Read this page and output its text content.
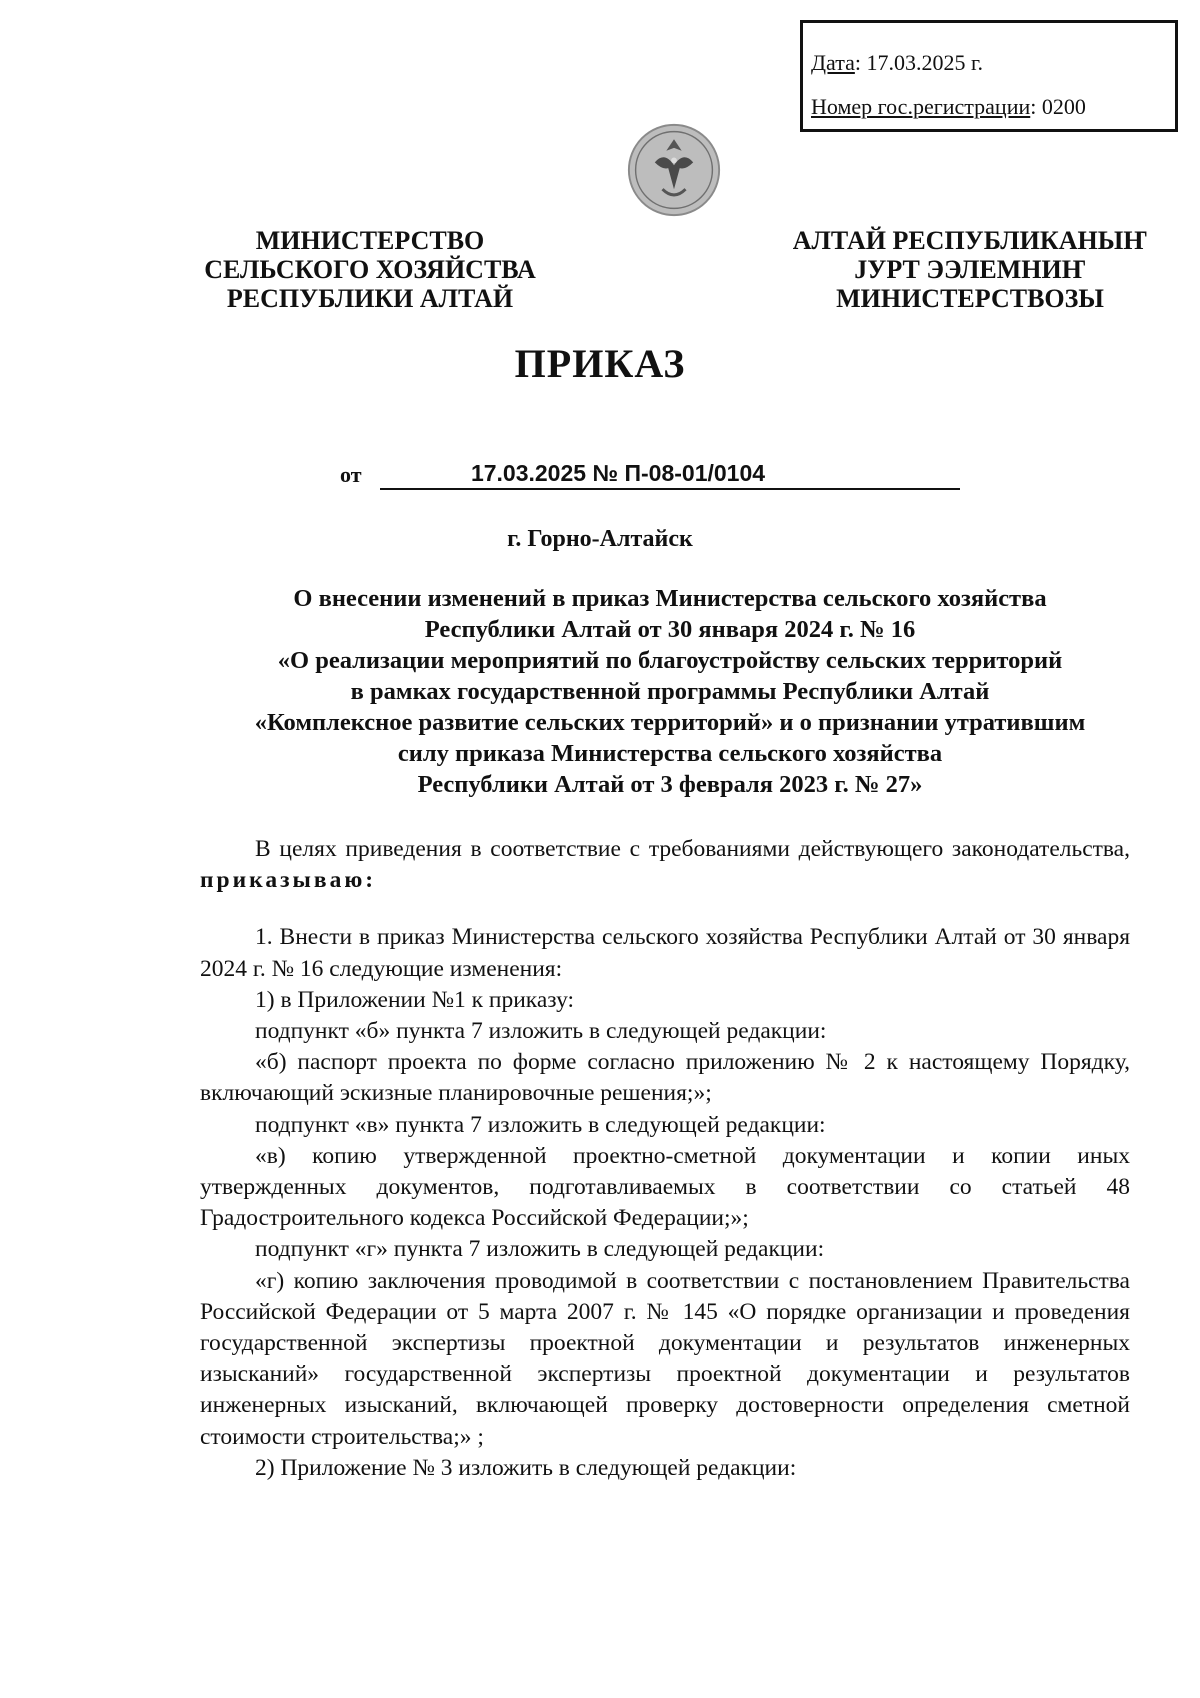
Дата: 17.03.2025 г.
Номер гос.регистрации: 0200
МИНИСТЕРСТВО
СЕЛЬСКОГО ХОЗЯЙСТВА
РЕСПУБЛИКИ АЛТАЙ
АЛТАЙ РЕСПУБЛИКАНЫҤ
ЈУРТ ЭЭЛЕМНИҤ
МИНИСТЕРСТВОЗЫ
ПРИКАЗ
от	17.03.2025 № П-08-01/0104
г. Горно-Алтайск
О внесении изменений в приказ Министерства сельского хозяйства
Республики Алтай от 30 января 2024 г. № 16
«О реализации мероприятий по благоустройству сельских территорий
в рамках государственной программы Республики Алтай
«Комплексное развитие сельских территорий» и о признании утратившим
силу приказа Министерства сельского хозяйства
Республики Алтай от 3 февраля 2023 г. № 27»

В целях приведения в соответствие с требованиями действующего законодательства, приказываю:

1. Внести в приказ Министерства сельского хозяйства Республики Алтай от 30 января 2024 г. № 16 следующие изменения:

1) в Приложении №1 к приказу:

подпункт «б» пункта 7 изложить в следующей редакции:

«б) паспорт проекта по форме согласно приложению № 2 к настоящему Порядку, включающий эскизные планировочные решения;»;

подпункт «в» пункта 7 изложить в следующей редакции:

«в) копию утвержденной проектно-сметной документации и копии иных утвержденных документов, подготавливаемых в соответствии со статьей 48 Градостроительного кодекса Российской Федерации;»;

подпункт «г» пункта 7 изложить в следующей редакции:

«г) копию заключения проводимой в соответствии с постановлением Правительства Российской Федерации от 5 марта 2007 г. № 145 «О порядке организации и проведения государственной экспертизы проектной документации и результатов инженерных изысканий» государственной экспертизы проектной документации и результатов инженерных изысканий, включающей проверку достоверности определения сметной стоимости строительства;» ;

2) Приложение № 3 изложить в следующей редакции:
